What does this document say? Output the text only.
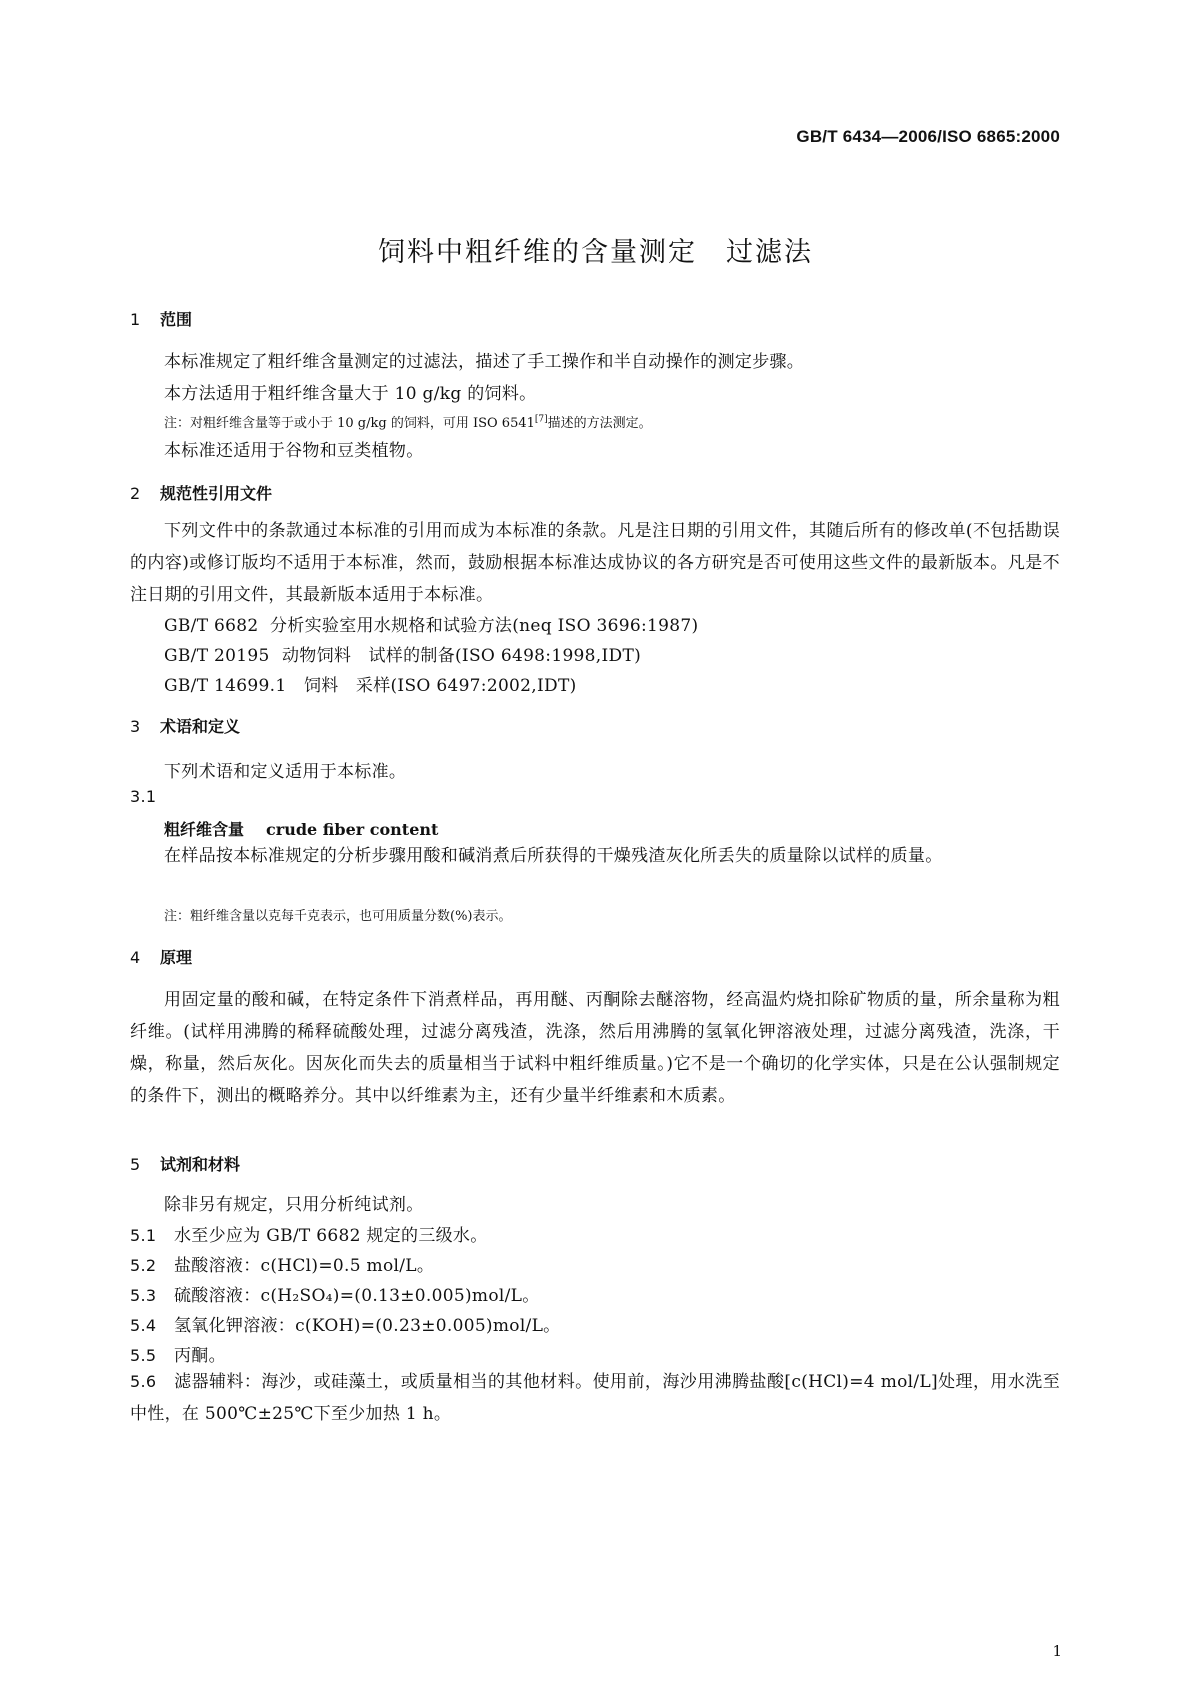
GB/T 6434—2006/ISO 6865:2000
饲料中粗纤维的含量测定　过滤法
1 范围
本标准规定了粗纤维含量测定的过滤法，描述了手工操作和半自动操作的测定步骤。
本方法适用于粗纤维含量大于 10 g/kg 的饲料。
注：对粗纤维含量等于或小于 10 g/kg 的饲料，可用 ISO 6541[7]描述的方法测定。
本标准还适用于谷物和豆类植物。
2 规范性引用文件
下列文件中的条款通过本标准的引用而成为本标准的条款。凡是注日期的引用文件，其随后所有的修改单(不包括勘误的内容)或修订版均不适用于本标准，然而，鼓励根据本标准达成协议的各方研究是否可使用这些文件的最新版本。凡是不注日期的引用文件，其最新版本适用于本标准。
GB/T 6682 分析实验室用水规格和试验方法(neq ISO 3696:1987)
GB/T 20195 动物饲料　试样的制备(ISO 6498:1998,IDT)
GB/T 14699.1 饲料　采样(ISO 6497:2002,IDT)
3 术语和定义
下列术语和定义适用于本标准。
3.1
粗纤维含量 crude fiber content
在样品按本标准规定的分析步骤用酸和碱消煮后所获得的干燥残渣灰化所丢失的质量除以试样的质量。
注：粗纤维含量以克每千克表示，也可用质量分数(%)表示。
4 原理
用固定量的酸和碱，在特定条件下消煮样品，再用醚、丙酮除去醚溶物，经高温灼烧扣除矿物质的量，所余量称为粗纤维。(试样用沸腾的稀释硫酸处理，过滤分离残渣，洗涤，然后用沸腾的氢氧化钾溶液处理，过滤分离残渣，洗涤，干燥，称量，然后灰化。因灰化而失去的质量相当于试料中粗纤维质量。)它不是一个确切的化学实体，只是在公认强制规定的条件下，测出的概略养分。其中以纤维素为主，还有少量半纤维素和木质素。
5 试剂和材料
除非另有规定，只用分析纯试剂。
5.1 水至少应为 GB/T 6682 规定的三级水。
5.2 盐酸溶液：c(HCl)=0.5 mol/L。
5.3 硫酸溶液：c(H₂SO₄)=(0.13±0.005)mol/L。
5.4 氢氧化钾溶液：c(KOH)=(0.23±0.005)mol/L。
5.5 丙酮。
5.6 滤器辅料：海沙，或硅藻土，或质量相当的其他材料。使用前，海沙用沸腾盐酸[c(HCl)=4 mol/L]处理，用水洗至中性，在 500℃±25℃下至少加热 1 h。
1
